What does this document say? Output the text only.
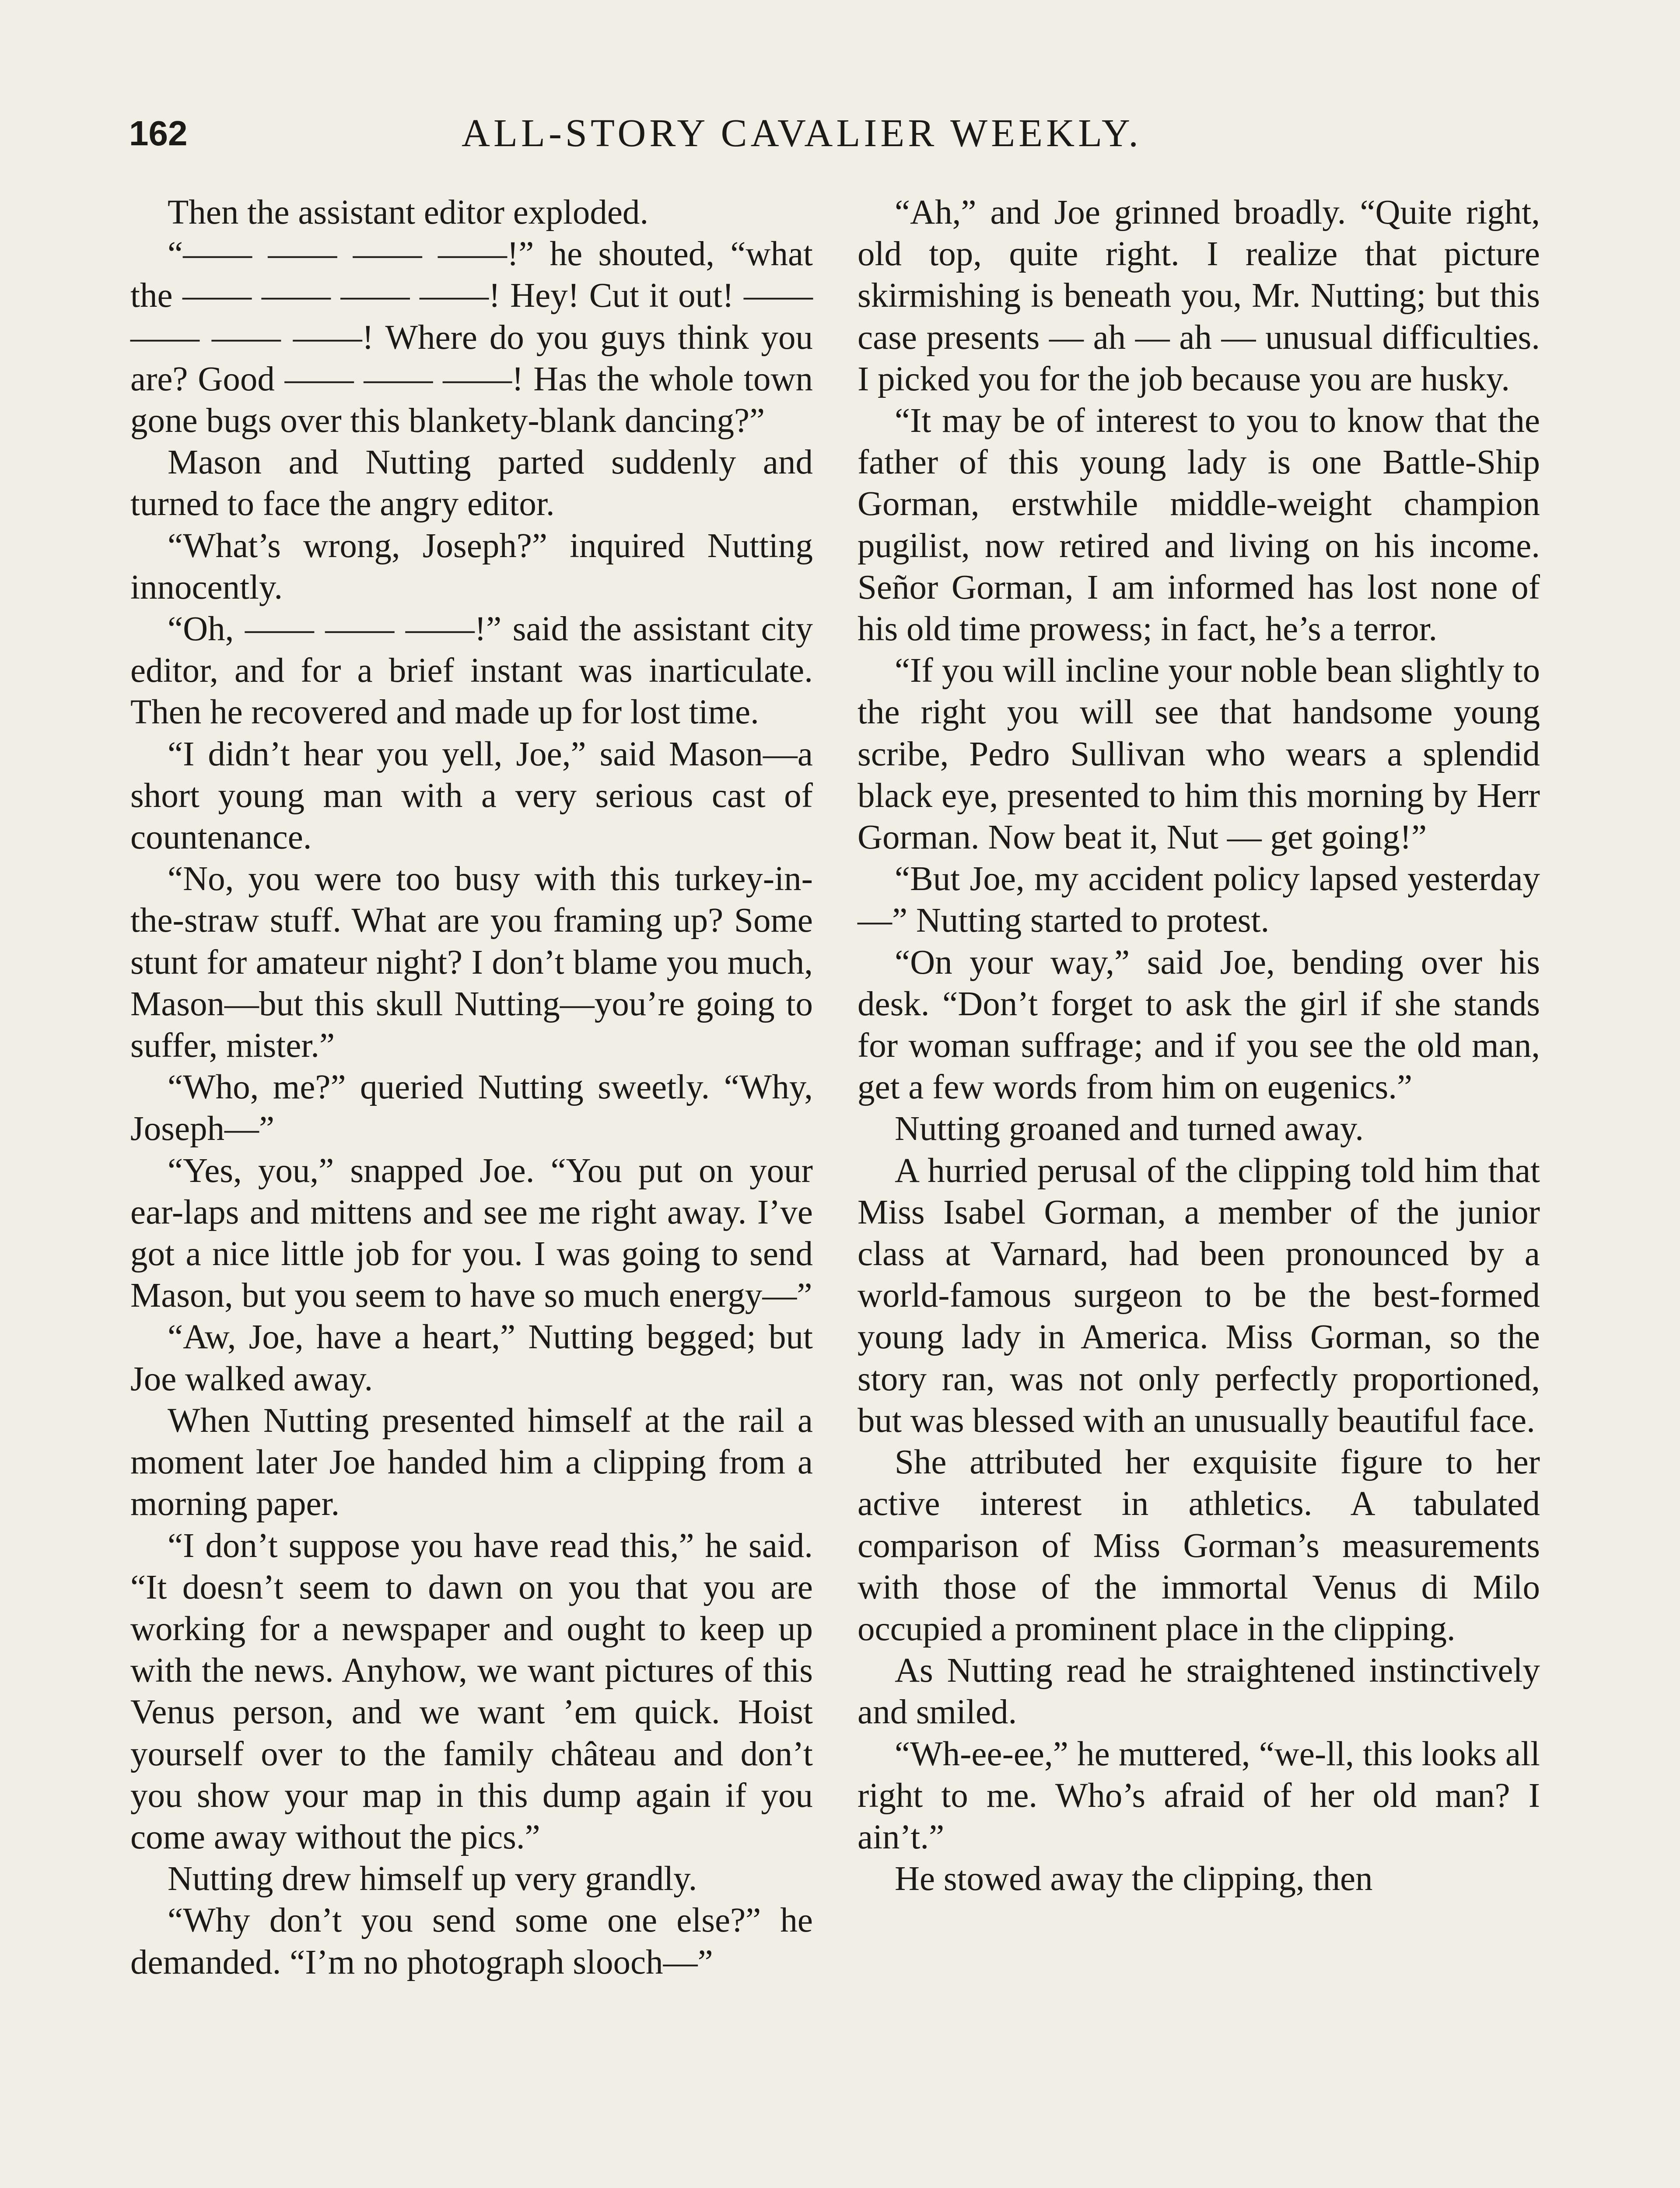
162	ALL-STORY CAVALIER WEEKLY.

Then the assistant editor exploded.

“—— —— —— ——!” he shouted, “what the —— —— —— ——! Hey! Cut it out! —— —— —— ——! Where do you guys think you are? Good —— —— ——! Has the whole town gone bugs over this blankety-blank dancing?”

Mason and Nutting parted suddenly and turned to face the angry editor.

“What’s wrong, Joseph?” inquired Nutting innocently.

“Oh, —— —— ——!” said the assistant city editor, and for a brief instant was inarticulate. Then he recovered and made up for lost time.

“I didn’t hear you yell, Joe,” said Mason—a short young man with a very serious cast of countenance.

“No, you were too busy with this turkey-in-the-straw stuff. What are you framing up? Some stunt for amateur night? I don’t blame you much, Mason—but this skull Nutting—you’re going to suffer, mister.”

“Who, me?” queried Nutting sweetly. “Why, Joseph—”

“Yes, you,” snapped Joe. “You put on your ear-laps and mittens and see me right away. I’ve got a nice little job for you. I was going to send Mason, but you seem to have so much energy—”

“Aw, Joe, have a heart,” Nutting begged; but Joe walked away.

When Nutting presented himself at the rail a moment later Joe handed him a clipping from a morning paper.

“I don’t suppose you have read this,” he said. “It doesn’t seem to dawn on you that you are working for a newspaper and ought to keep up with the news. Anyhow, we want pictures of this Venus person, and we want ’em quick. Hoist yourself over to the family château and don’t you show your map in this dump again if you come away without the pics.”

Nutting drew himself up very grandly.

“Why don’t you send some one else?” he demanded. “I’m no photograph slooch—”

“Ah,” and Joe grinned broadly. “Quite right, old top, quite right. I realize that picture skirmishing is beneath you, Mr. Nutting; but this case presents — ah — ah — unusual difficulties. I picked you for the job because you are husky.

“It may be of interest to you to know that the father of this young lady is one Battle-Ship Gorman, erstwhile middle-weight champion pugilist, now retired and living on his income. Señor Gorman, I am informed has lost none of his old time prowess; in fact, he’s a terror.

“If you will incline your noble bean slightly to the right you will see that handsome young scribe, Pedro Sullivan who wears a splendid black eye, presented to him this morning by Herr Gorman. Now beat it, Nut — get going!”

“But Joe, my accident policy lapsed yesterday—” Nutting started to protest.

“On your way,” said Joe, bending over his desk. “Don’t forget to ask the girl if she stands for woman suffrage; and if you see the old man, get a few words from him on eugenics.”

Nutting groaned and turned away.

A hurried perusal of the clipping told him that Miss Isabel Gorman, a member of the junior class at Varnard, had been pronounced by a world-famous surgeon to be the best-formed young lady in America. Miss Gorman, so the story ran, was not only perfectly proportioned, but was blessed with an unusually beautiful face.

She attributed her exquisite figure to her active interest in athletics. A tabulated comparison of Miss Gorman’s measurements with those of the immortal Venus di Milo occupied a prominent place in the clipping.

As Nutting read he straightened instinctively and smiled.

“Wh-ee-ee,” he muttered, “we-ll, this looks all right to me. Who’s afraid of her old man? I ain’t.”

He stowed away the clipping, then
